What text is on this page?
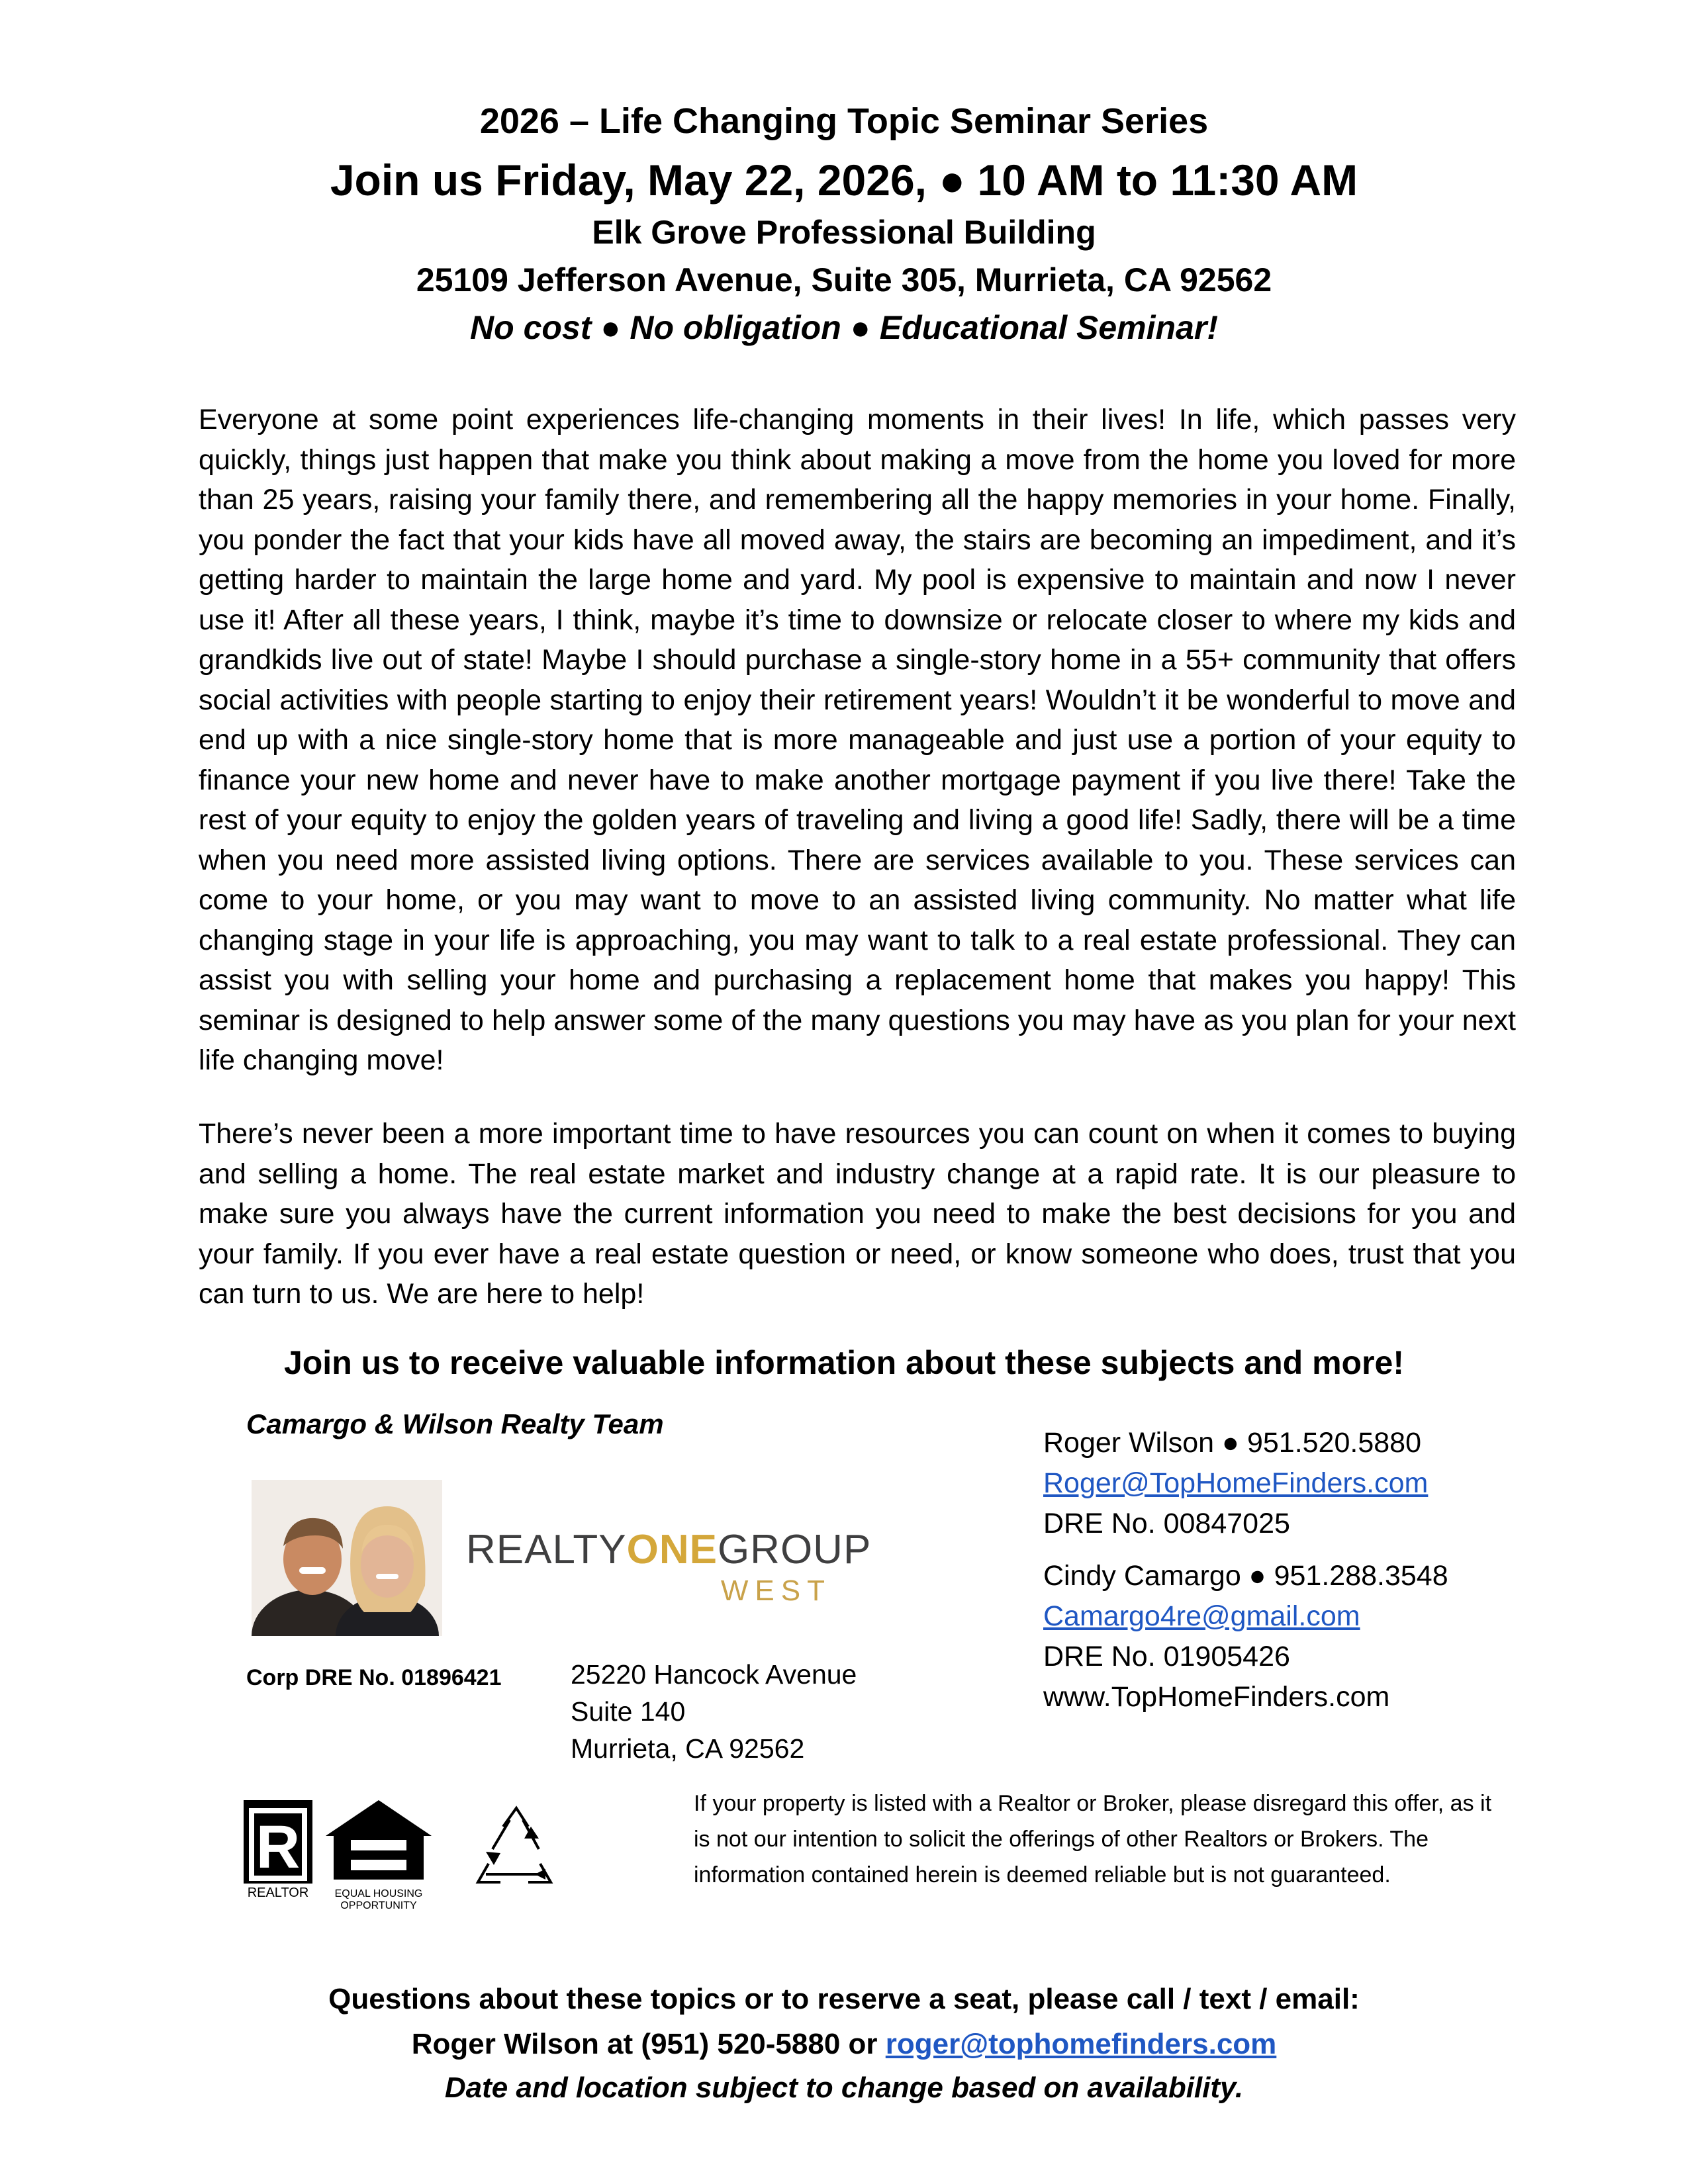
2026 – Life Changing Topic Seminar Series
Join us Friday, May 22, 2026, ● 10 AM to 11:30 AM
Elk Grove Professional Building
25109 Jefferson Avenue, Suite 305, Murrieta, CA 92562
No cost ● No obligation ● Educational Seminar!

Everyone at some point experiences life-changing moments in their lives! In life, which passes very quickly, things just happen that make you think about making a move from the home you loved for more than 25 years, raising your family there, and remembering all the happy memories in your home. Finally, you ponder the fact that your kids have all moved away, the stairs are becoming an impediment, and it’s getting harder to maintain the large home and yard. My pool is expensive to maintain and now I never use it! After all these years, I think, maybe it’s time to downsize or relocate closer to where my kids and grandkids live out of state! Maybe I should purchase a single-story home in a 55+ community that offers social activities with people starting to enjoy their retirement years! Wouldn’t it be wonderful to move and end up with a nice single-story home that is more manageable and just use a portion of your equity to finance your new home and never have to make another mortgage payment if you live there! Take the rest of your equity to enjoy the golden years of traveling and living a good life! Sadly, there will be a time when you need more assisted living options. There are services available to you. These services can come to your home, or you may want to move to an assisted living community. No matter what life changing stage in your life is approaching, you may want to talk to a real estate professional. They can assist you with selling your home and purchasing a replacement home that makes you happy! This seminar is designed to help answer some of the many questions you may have as you plan for your next life changing move!

There’s never been a more important time to have resources you can count on when it comes to buying and selling a home. The real estate market and industry change at a rapid rate. It is our pleasure to make sure you always have the current information you need to make the best decisions for you and your family. If you ever have a real estate question or need, or know someone who does, trust that you can turn to us. We are here to help!

Join us to receive valuable information about these subjects and more!
Camargo & Wilson Realty Team
REALTYONEGROUP
WEST
Corp DRE No. 01896421	25220 Hancock Avenue
Suite 140
Murrieta, CA 92562
Roger Wilson ● 951.520.5880
Roger@TopHomeFinders.com
DRE No. 00847025
Cindy Camargo ● 951.288.3548
Camargo4re@gmail.com
DRE No. 01905426
www.TopHomeFinders.com
R
REALTOR EQUAL HOUSING
OPPORTUNITY

If your property is listed with a Realtor or Broker, please disregard this offer, as it is not our intention to solicit the offerings of other Realtors or Brokers. The information contained herein is deemed reliable but is not guaranteed.

Questions about these topics or to reserve a seat, please call / text / email:
Roger Wilson at (951) 520-5880 or roger@tophomefinders.com
Date and location subject to change based on availability.
